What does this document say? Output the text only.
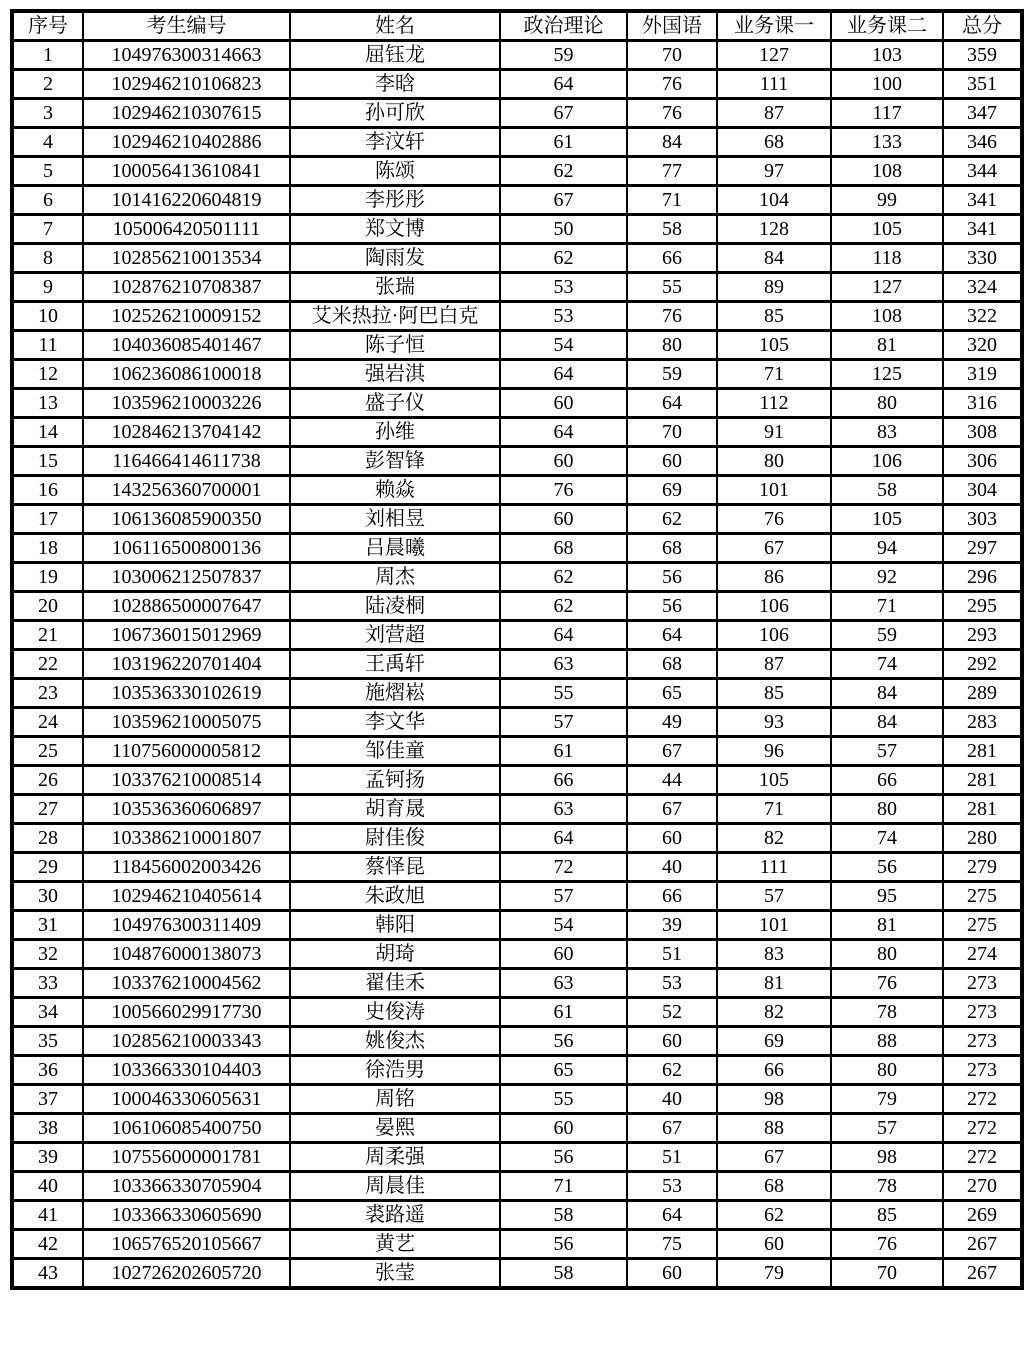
序号	考生编号	姓名	政治理论	外国语	业务课一	业务课二	总分
1	104976300314663	屈钰龙	59	70	127	103	359
2	102946210106823	李晗	64	76	111	100	351
3	102946210307615	孙可欣	67	76	87	117	347
4	102946210402886	李汶轩	61	84	68	133	346
5	100056413610841	陈颂	62	77	97	108	344
6	101416220604819	李彤彤	67	71	104	99	341
7	105006420501111	郑文博	50	58	128	105	341
8	102856210013534	陶雨发	62	66	84	118	330
9	102876210708387	张瑞	53	55	89	127	324
10	102526210009152	艾米热拉·阿巴白克	53	76	85	108	322
11	104036085401467	陈子恒	54	80	105	81	320
12	106236086100018	强岩淇	64	59	71	125	319
13	103596210003226	盛子仪	60	64	112	80	316
14	102846213704142	孙维	64	70	91	83	308
15	116466414611738	彭智锋	60	60	80	106	306
16	143256360700001	赖焱	76	69	101	58	304
17	106136085900350	刘相昱	60	62	76	105	303
18	106116500800136	吕晨曦	68	68	67	94	297
19	103006212507837	周杰	62	56	86	92	296
20	102886500007647	陆凌桐	62	56	106	71	295
21	106736015012969	刘营超	64	64	106	59	293
22	103196220701404	王禹轩	63	68	87	74	292
23	103536330102619	施熠崧	55	65	85	84	289
24	103596210005075	李文华	57	49	93	84	283
25	110756000005812	邹佳童	61	67	96	57	281
26	103376210008514	孟钶扬	66	44	105	66	281
27	103536360606897	胡育晟	63	67	71	80	281
28	103386210001807	尉佳俊	64	60	82	74	280
29	118456002003426	蔡怿昆	72	40	111	56	279
30	102946210405614	朱政旭	57	66	57	95	275
31	104976300311409	韩阳	54	39	101	81	275
32	104876000138073	胡琦	60	51	83	80	274
33	103376210004562	翟佳禾	63	53	81	76	273
34	100566029917730	史俊涛	61	52	82	78	273
35	102856210003343	姚俊杰	56	60	69	88	273
36	103366330104403	徐浩男	65	62	66	80	273
37	100046330605631	周铭	55	40	98	79	272
38	106106085400750	晏熙	60	67	88	57	272
39	107556000001781	周柔强	56	51	67	98	272
40	103366330705904	周晨佳	71	53	68	78	270
41	103366330605690	裘路遥	58	64	62	85	269
42	106576520105667	黄艺	56	75	60	76	267
43	102726202605720	张莹	58	60	79	70	267
